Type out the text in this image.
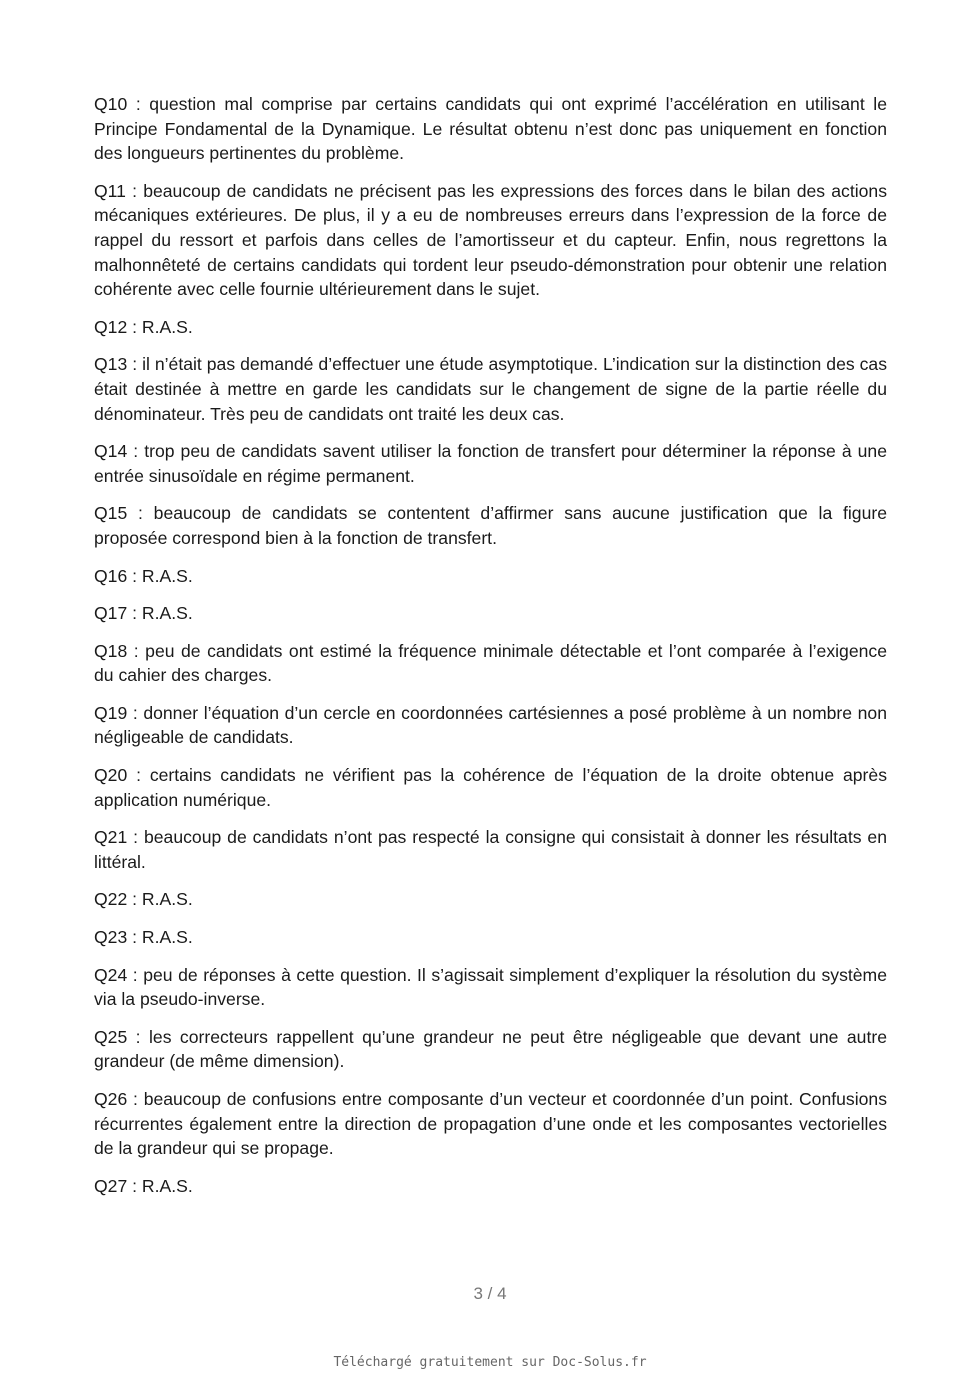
Q10 : question mal comprise par certains candidats qui ont exprimé l’accélération en utilisant le Principe Fondamental de la Dynamique. Le résultat obtenu n’est donc pas uniquement en fonction des longueurs pertinentes du problème.

Q11 : beaucoup de candidats ne précisent pas les expressions des forces dans le bilan des actions mécaniques extérieures. De plus, il y a eu de nombreuses erreurs dans l’expression de la force de rappel du ressort et parfois dans celles de l’amortisseur et du capteur. Enfin, nous regrettons la malhonnêteté de certains candidats qui tordent leur pseudo-démonstration pour obtenir une relation cohérente avec celle fournie ultérieurement dans le sujet.

Q12 : R.A.S.

Q13 : il n’était pas demandé d’effectuer une étude asymptotique. L’indication sur la distinction des cas était destinée à mettre en garde les candidats sur le changement de signe de la partie réelle du dénominateur. Très peu de candidats ont traité les deux cas.

Q14 : trop peu de candidats savent utiliser la fonction de transfert pour déterminer la réponse à une entrée sinusoïdale en régime permanent.

Q15 : beaucoup de candidats se contentent d’affirmer sans aucune justification que la figure proposée correspond bien à la fonction de transfert.

Q16 : R.A.S.

Q17 : R.A.S.

Q18 : peu de candidats ont estimé la fréquence minimale détectable et l’ont comparée à l’exigence du cahier des charges.

Q19 : donner l’équation d’un cercle en coordonnées cartésiennes a posé problème à un nombre non négligeable de candidats.

Q20 : certains candidats ne vérifient pas la cohérence de l’équation de la droite obtenue après application numérique.

Q21 : beaucoup de candidats n’ont pas respecté la consigne qui consistait à donner les résultats en littéral.

Q22 : R.A.S.

Q23 : R.A.S.

Q24 : peu de réponses à cette question. Il s’agissait simplement d’expliquer la résolution du système via la pseudo-inverse.

Q25 : les correcteurs rappellent qu’une grandeur ne peut être négligeable que devant une autre grandeur (de même dimension).

Q26 : beaucoup de confusions entre composante d’un vecteur et coordonnée d’un point. Confusions récurrentes également entre la direction de propagation d’une onde et les composantes vectorielles de la grandeur qui se propage.

Q27 : R.A.S.

3 / 4
Téléchargé gratuitement sur Doc-Solus.fr
